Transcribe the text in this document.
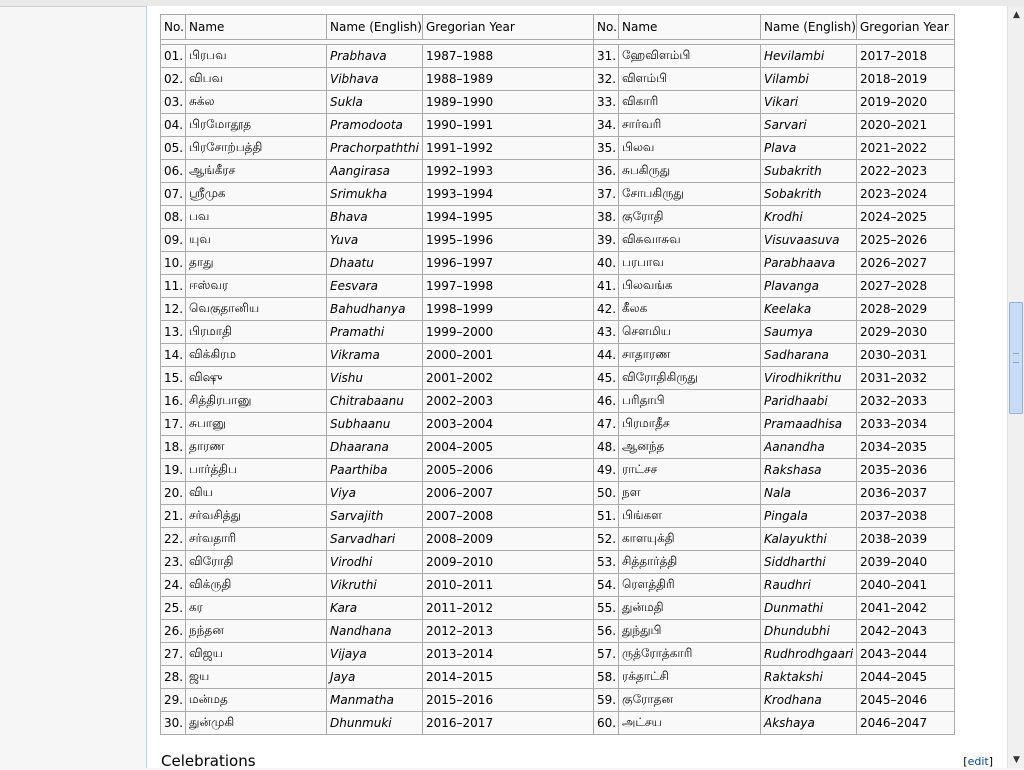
No.	Name	Name (English)	Gregorian Year	No.	Name	Name (English)	Gregorian Year

01.	பிரபவ	Prabhava	1987–1988	31.	ஹேவிளம்பி	Hevilambi	2017–2018
02.	விபவ	Vibhava	1988–1989	32.	விளம்பி	Vilambi	2018–2019
03.	சுக்ல	Sukla	1989–1990	33.	விகாரி	Vikari	2019–2020
04.	பிரமோதூத	Pramodoota	1990–1991	34.	சார்வரி	Sarvari	2020–2021
05.	பிரசோற்பத்தி	Prachorpaththi	1991–1992	35.	பிலவ	Plava	2021–2022
06.	ஆங்கீரச	Aangirasa	1992–1993	36.	சுபகிருது	Subakrith	2022–2023
07.	ஸ்ரீமுக	Srimukha	1993–1994	37.	சோபகிருது	Sobakrith	2023–2024
08.	பவ	Bhava	1994–1995	38.	குரோதி	Krodhi	2024–2025
09.	யுவ	Yuva	1995–1996	39.	விசுவாசுவ	Visuvaasuva	2025–2026
10.	தாது	Dhaatu	1996–1997	40.	பரபாவ	Parabhaava	2026–2027
11.	ஈஸ்வர	Eesvara	1997–1998	41.	பிலவங்க	Plavanga	2027–2028
12.	வெகுதானிய	Bahudhanya	1998–1999	42.	கீலக	Keelaka	2028–2029
13.	பிரமாதி	Pramathi	1999–2000	43.	சௌமிய	Saumya	2029–2030
14.	விக்கிரம	Vikrama	2000–2001	44.	சாதாரண	Sadharana	2030–2031
15.	விஷு	Vishu	2001–2002	45.	விரோதிகிருது	Virodhikrithu	2031–2032
16.	சித்திரபானு	Chitrabaanu	2002–2003	46.	பரிதாபி	Paridhaabi	2032–2033
17.	சுபானு	Subhaanu	2003–2004	47.	பிரமாதீச	Pramaadhisa	2033–2034
18.	தாரண	Dhaarana	2004–2005	48.	ஆனந்த	Aanandha	2034–2035
19.	பார்த்திப	Paarthiba	2005–2006	49.	ராட்சச	Rakshasa	2035–2036
20.	விய	Viya	2006–2007	50.	நள	Nala	2036–2037
21.	சர்வசித்து	Sarvajith	2007–2008	51.	பிங்கள	Pingala	2037–2038
22.	சர்வதாரி	Sarvadhari	2008–2009	52.	காளயுக்தி	Kalayukthi	2038–2039
23.	விரோதி	Virodhi	2009–2010	53.	சித்தார்த்தி	Siddharthi	2039–2040
24.	விக்ருதி	Vikruthi	2010–2011	54.	ரௌத்திரி	Raudhri	2040–2041
25.	கர	Kara	2011–2012	55.	துன்மதி	Dunmathi	2041–2042
26.	நந்தன	Nandhana	2012–2013	56.	துந்துபி	Dhundubhi	2042–2043
27.	விஜய	Vijaya	2013–2014	57.	ருத்ரோத்காரி	Rudhrodhgaari	2043–2044
28.	ஜய	Jaya	2014–2015	58.	ரக்தாட்சி	Raktakshi	2044–2045
29.	மன்மத	Manmatha	2015–2016	59.	குரோதன	Krodhana	2045–2046
30.	துன்முகி	Dhunmuki	2016–2017	60.	அட்சய	Akshaya	2046–2047
Celebrations	[edit]
▲
▼
